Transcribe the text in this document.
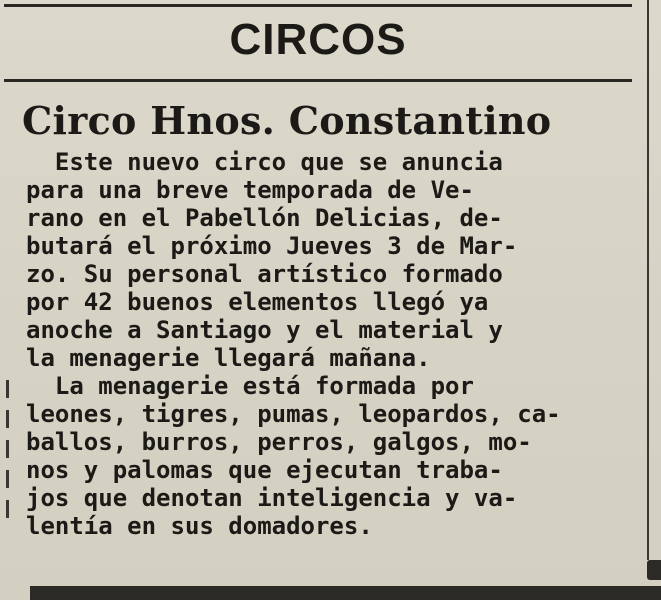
CIRCOS
Circo Hnos. Constantino
Este nuevo circo que se anuncia
para una breve temporada de Ve-
rano en el Pabellón Delicias, de-
butará el próximo Jueves 3 de Mar-
zo. Su personal artístico formado
por 42 buenos elementos llegó ya
anoche a Santiago y el material y
la menagerie llegará mañana.
La menagerie está formada por
leones, tigres, pumas, leopardos, ca-
ballos, burros, perros, galgos, mo-
nos y palomas que ejecutan traba-
jos que denotan inteligencia y va-
lentía en sus domadores.
